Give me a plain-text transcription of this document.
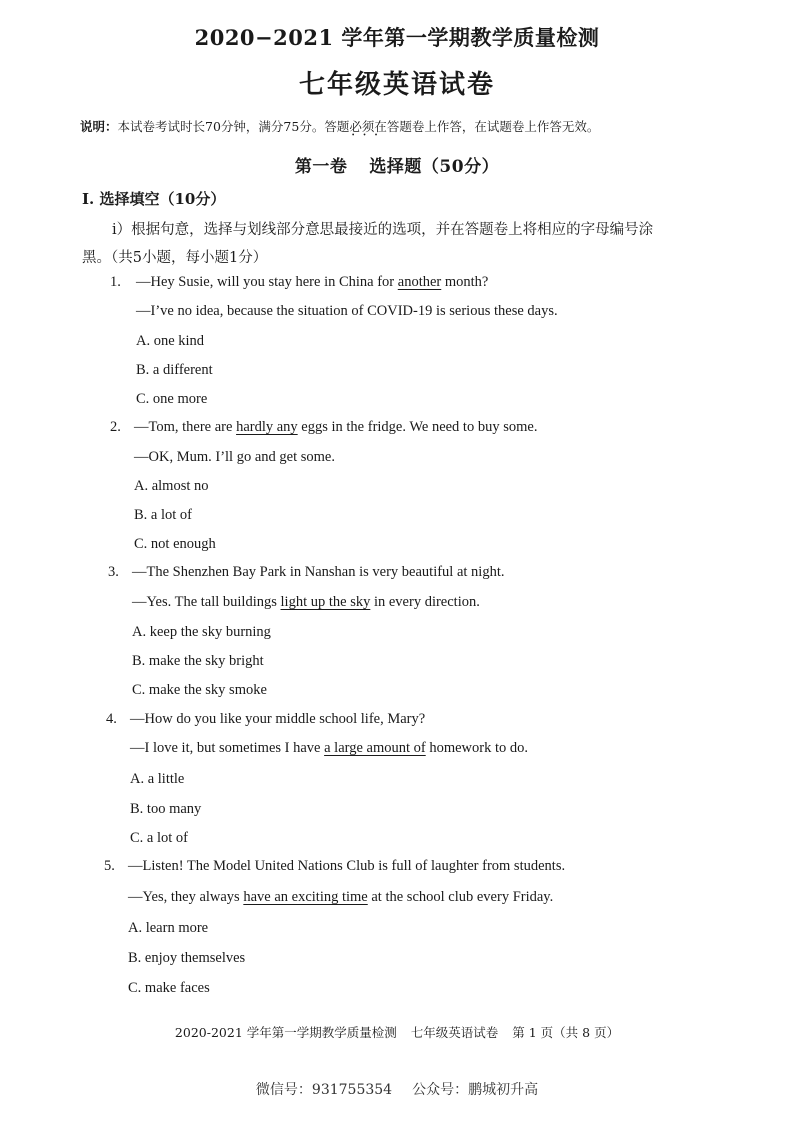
2020−2021 学年第一学期教学质量检测
七年级英语试卷
说明：本试卷考试时长70分钟，满分75分。答题必须在 • • •答题卷上作答，在试题卷上作答无效。
第一卷 选择题（50分）
Ⅰ. 选择填空（10分）
ⅰ）根据句意，选择与划线部分意思最接近的选项，并在答题卷上将相应的字母编号涂
黑。（共5小题，每小题1分）
1. —Hey Susie, will you stay here in China for another month?
—I’ve no idea, because the situation of COVID-19 is serious these days.
A. one kind
B. a different
C. one more
2. —Tom, there are hardly any eggs in the fridge. We need to buy some.
—OK, Mum. I’ll go and get some.
A. almost no
B. a lot of
C. not enough
3. —The Shenzhen Bay Park in Nanshan is very beautiful at night.
—Yes. The tall buildings light up the sky in every direction.
A. keep the sky burning
B. make the sky bright
C. make the sky smoke
4. —How do you like your middle school life, Mary?
—I love it, but sometimes I have a large amount of homework to do.
A. a little
B. too many
C. a lot of
5. —Listen! The Model United Nations Club is full of laughter from students.
—Yes, they always have an exciting time at the school club every Friday.
A. learn more
B. enjoy themselves
C. make faces
2020-2021 学年第一学期教学质量检测 七年级英语试卷 第 1 页（共 8 页）
微信号：931755354 公众号：鹏城初升高
